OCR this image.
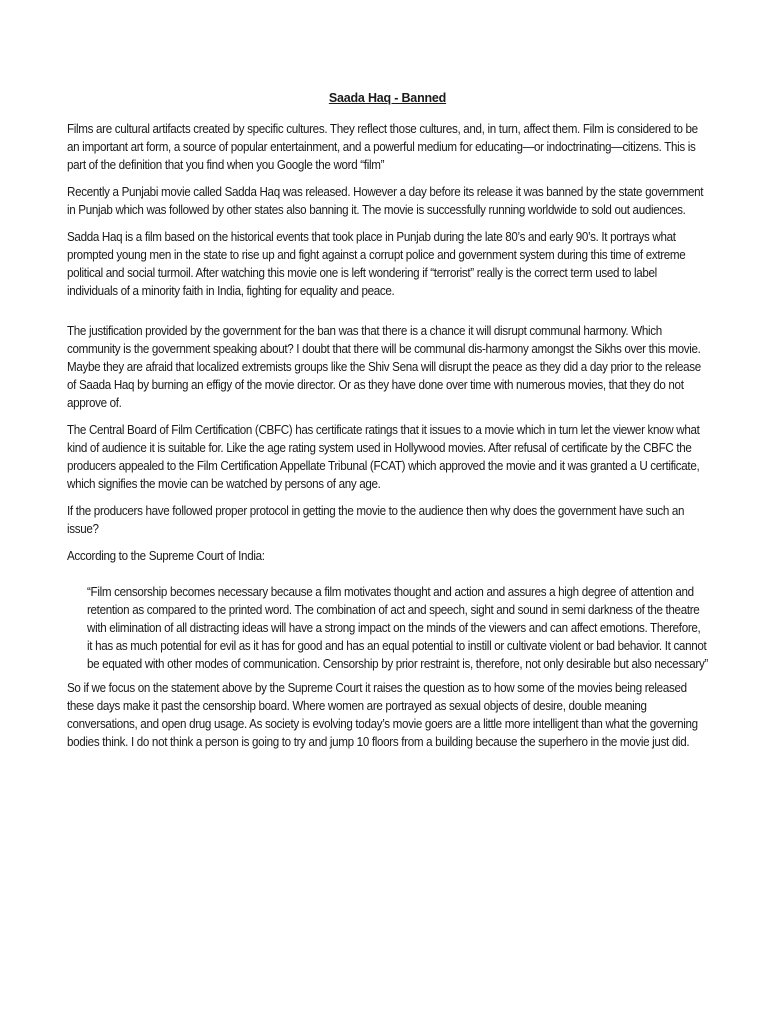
Saada Haq - Banned

Films are cultural artifacts created by specific cultures. They reflect those cultures, and, in turn, affect them. Film is considered to be an important art form, a source of popular entertainment, and a powerful medium for educating—or indoctrinating—citizens. This is part of the definition that you find when you Google the word “film”

Recently a Punjabi movie called Sadda Haq was released. However a day before its release it was banned by the state government in Punjab which was followed by other states also banning it. The movie is successfully running worldwide to sold out audiences.

Sadda Haq is a film based on the historical events that took place in Punjab during the late 80’s and early 90’s. It portrays what prompted young men in the state to rise up and fight against a corrupt police and government system during this time of extreme political and social turmoil. After watching this movie one is left wondering if “terrorist” really is the correct term used to label individuals of a minority faith in India, fighting for equality and peace.

The justification provided by the government for the ban was that there is a chance it will disrupt communal harmony. Which community is the government speaking about? I doubt that there will be communal dis-harmony amongst the Sikhs over this movie. Maybe they are afraid that localized extremists groups like the Shiv Sena will disrupt the peace as they did a day prior to the release of Saada Haq by burning an effigy of the movie director. Or as they have done over time with numerous movies, that they do not approve of.

The Central Board of Film Certification (CBFC) has certificate ratings that it issues to a movie which in turn let the viewer know what kind of audience it is suitable for. Like the age rating system used in Hollywood movies. After refusal of certificate by the CBFC the producers appealed to the Film Certification Appellate Tribunal (FCAT) which approved the movie and it was granted a U certificate, which signifies the movie can be watched by persons of any age.

If the producers have followed proper protocol in getting the movie to the audience then why does the government have such an issue?

According to the Supreme Court of India:

“Film censorship becomes necessary because a film motivates thought and action and assures a high degree of attention and retention as compared to the printed word. The combination of act and speech, sight and sound in semi darkness of the theatre with elimination of all distracting ideas will have a strong impact on the minds of the viewers and can affect emotions. Therefore, it has as much potential for evil as it has for good and has an equal potential to instill or cultivate violent or bad behavior. It cannot be equated with other modes of communication. Censorship by prior restraint is, therefore, not only desirable but also necessary”

So if we focus on the statement above by the Supreme Court it raises the question as to how some of the movies being released these days make it past the censorship board. Where women are portrayed as sexual objects of desire, double meaning conversations, and open drug usage. As society is evolving today’s movie goers are a little more intelligent than what the governing bodies think. I do not think a person is going to try and jump 10 floors from a building because the superhero in the movie just did.
